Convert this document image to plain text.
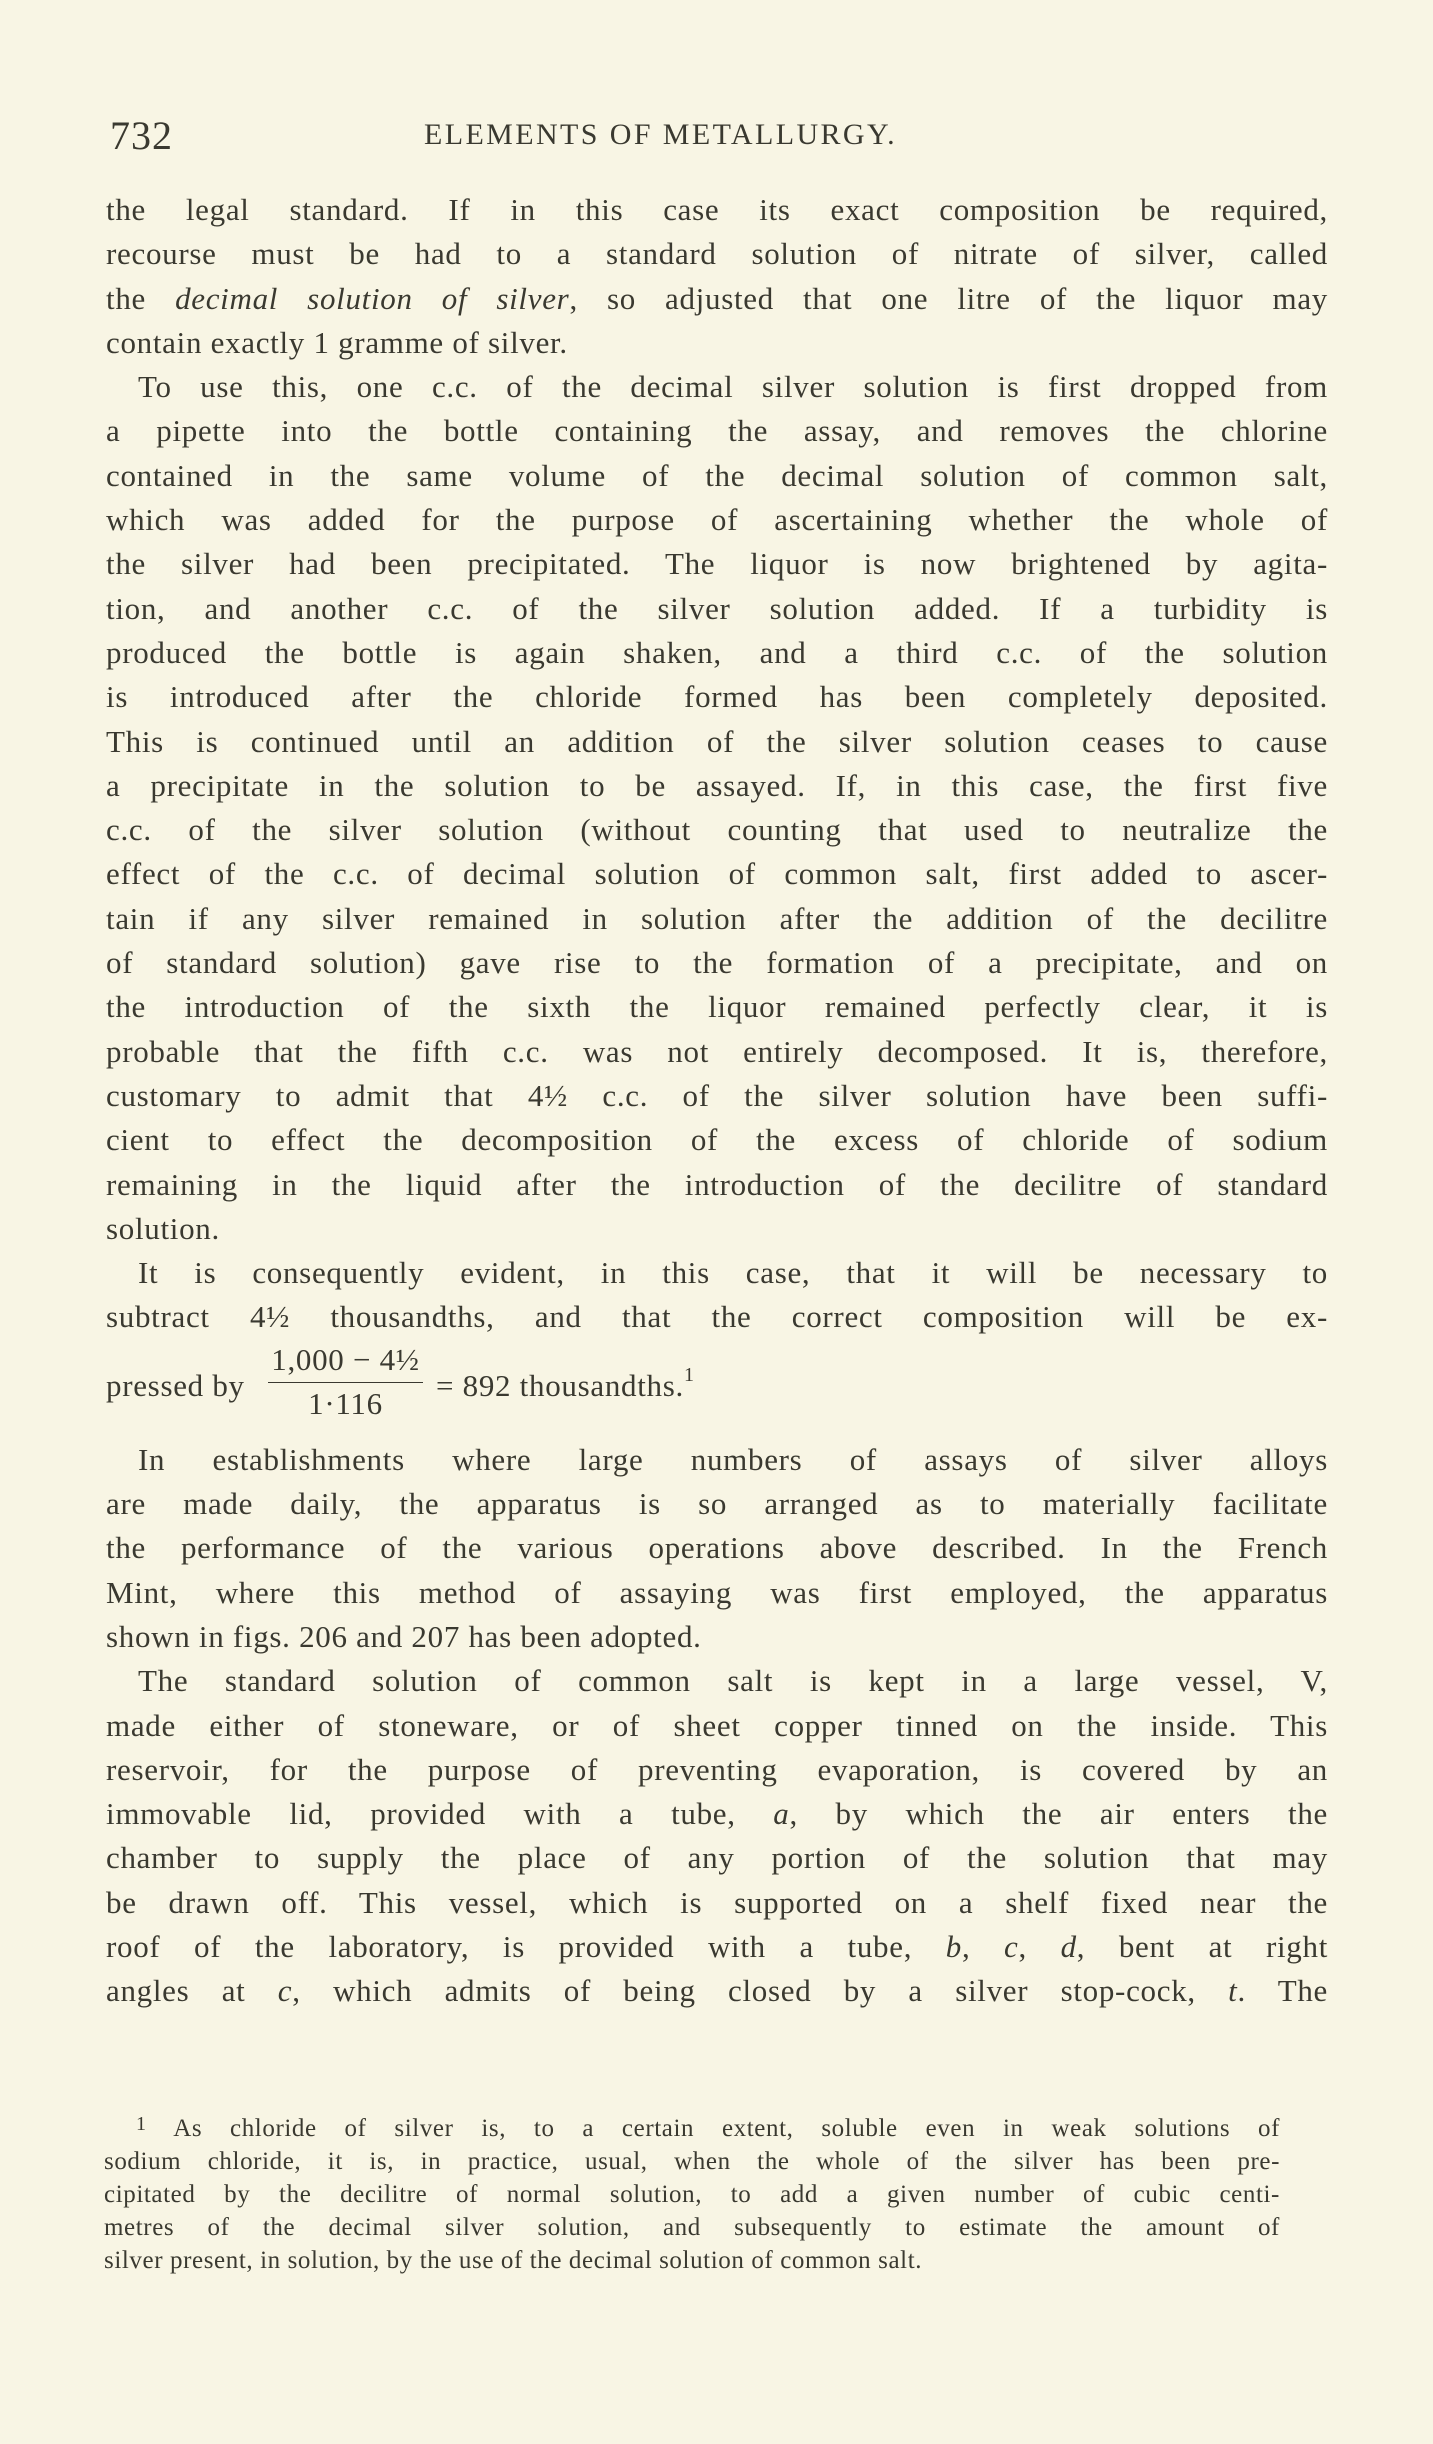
732	ELEMENTS OF METALLURGY.
the legal standard. If in this case its exact composition be required,
recourse must be had to a standard solution of nitrate of silver, called
the decimal solution of silver, so adjusted that one litre of the liquor may
contain exactly 1 gramme of silver.
To use this, one c.c. of the decimal silver solution is first dropped from
a pipette into the bottle containing the assay, and removes the chlorine
contained in the same volume of the decimal solution of common salt,
which was added for the purpose of ascertaining whether the whole of
the silver had been precipitated. The liquor is now brightened by agita-
tion, and another c.c. of the silver solution added. If a turbidity is
produced the bottle is again shaken, and a third c.c. of the solution
is introduced after the chloride formed has been completely deposited.
This is continued until an addition of the silver solution ceases to cause
a precipitate in the solution to be assayed. If, in this case, the first five
c.c. of the silver solution (without counting that used to neutralize the
effect of the c.c. of decimal solution of common salt, first added to ascer-
tain if any silver remained in solution after the addition of the decilitre
of standard solution) gave rise to the formation of a precipitate, and on
the introduction of the sixth the liquor remained perfectly clear, it is
probable that the fifth c.c. was not entirely decomposed. It is, therefore,
customary to admit that 4½ c.c. of the silver solution have been suffi-
cient to effect the decomposition of the excess of chloride of sodium
remaining in the liquid after the introduction of the decilitre of standard
solution.
It is consequently evident, in this case, that it will be necessary to
subtract 4½ thousandths, and that the correct composition will be ex-
pressed by
1,000 − 4½
1·116
= 892 thousandths.$^1$
In establishments where large numbers of assays of silver alloys
are made daily, the apparatus is so arranged as to materially facilitate
the performance of the various operations above described. In the French
Mint, where this method of assaying was first employed, the apparatus
shown in figs. 206 and 207 has been adopted.
The standard solution of common salt is kept in a large vessel, V,
made either of stoneware, or of sheet copper tinned on the inside. This
reservoir, for the purpose of preventing evaporation, is covered by an
immovable lid, provided with a tube, a, by which the air enters the
chamber to supply the place of any portion of the solution that may
be drawn off. This vessel, which is supported on a shelf fixed near the
roof of the laboratory, is provided with a tube, b, c, d, bent at right
angles at c, which admits of being closed by a silver stop-cock, t. The
$^1$ As chloride of silver is, to a certain extent, soluble even in weak solutions of
sodium chloride, it is, in practice, usual, when the whole of the silver has been pre-
cipitated by the decilitre of normal solution, to add a given number of cubic centi-
metres of the decimal silver solution, and subsequently to estimate the amount of
silver present, in solution, by the use of the decimal solution of common salt.
